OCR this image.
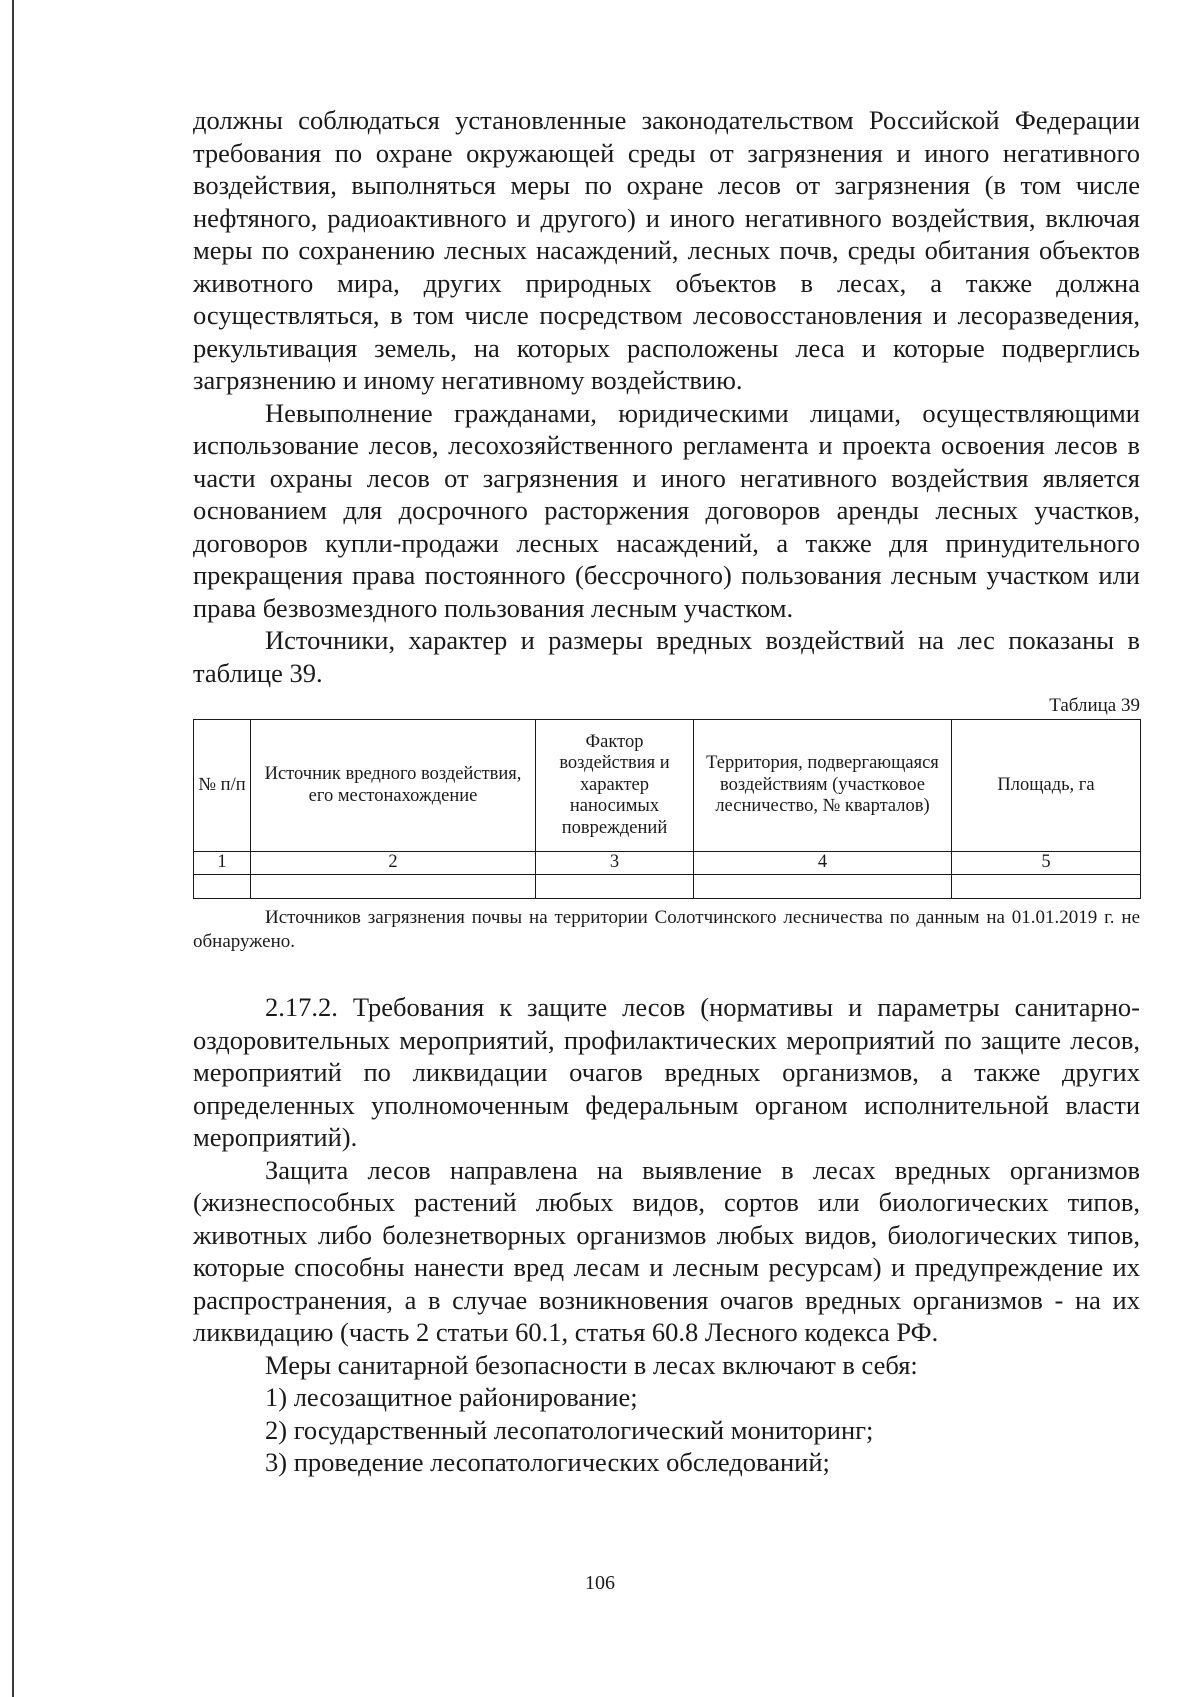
должны соблюдаться установленные законодательством Российской Федерации требования по охране окружающей среды от загрязнения и иного негативного воздействия, выполняться меры по охране лесов от загрязнения (в том числе нефтяного, радиоактивного и другого) и иного негативного воздействия, включая меры по сохранению лесных насаждений, лесных почв, среды обитания объектов животного мира, других природных объектов в лесах, а также должна осуществляться, в том числе посредством лесовосстановления и лесоразведения, рекультивация земель, на которых расположены леса и которые подверглись загрязнению и иному негативному воздействию.

Невыполнение гражданами, юридическими лицами, осуществляющими использование лесов, лесохозяйственного регламента и проекта освоения лесов в части охраны лесов от загрязнения и иного негативного воздействия является основанием для досрочного расторжения договоров аренды лесных участков, договоров купли-продажи лесных насаждений, а также для принудительного прекращения права постоянного (бессрочного) пользования лесным участком или права безвозмездного пользования лесным участком.

Источники, характер и размеры вредных воздействий на лес показаны в таблице 39.

Таблица 39
№ п/п	Источник вредного воздействия, его местонахождение	Фактор воздействия и характер наносимых повреждений	Территория, подвергающаяся воздействиям (участковое лесничество, № кварталов)	Площадь, га
1	2	3	4	5

Источников загрязнения почвы на территории Солотчинского лесничества по данным на 01.01.2019 г. не обнаружено.

2.17.2. Требования к защите лесов (нормативы и параметры санитарно-оздоровительных мероприятий, профилактических мероприятий по защите лесов, мероприятий по ликвидации очагов вредных организмов, а также других определенных уполномоченным федеральным органом исполнительной власти мероприятий).

Защита лесов направлена на выявление в лесах вредных организмов (жизнеспособных растений любых видов, сортов или биологических типов, животных либо болезнетворных организмов любых видов, биологических типов, которые способны нанести вред лесам и лесным ресурсам) и предупреждение их распространения, а в случае возникновения очагов вредных организмов - на их ликвидацию (часть 2 статьи 60.1, статья 60.8 Лесного кодекса РФ.

Меры санитарной безопасности в лесах включают в себя:

1) лесозащитное районирование;

2) государственный лесопатологический мониторинг;

3) проведение лесопатологических обследований;

106
